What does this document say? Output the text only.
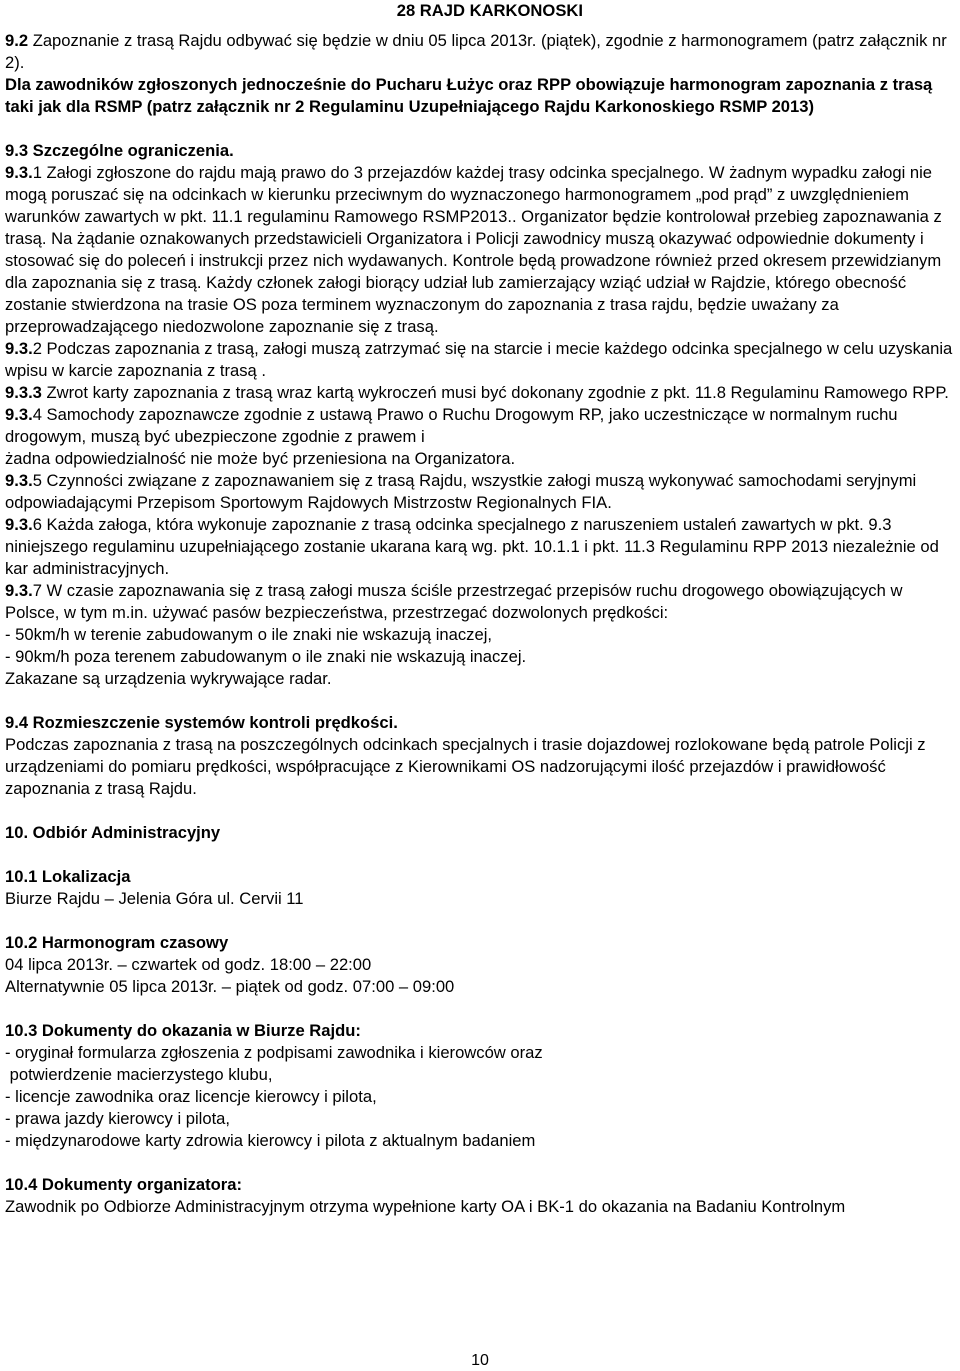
28 RAJD KARKONOSKI

9.2 Zapoznanie z trasą Rajdu odbywać się będzie w dniu 05 lipca 2013r. (piątek), zgodnie z harmonogramem (patrz załącznik nr 2).

Dla zawodników zgłoszonych jednocześnie do Pucharu Łużyc oraz RPP obowiązuje harmonogram zapoznania z trasą taki jak dla RSMP (patrz załącznik nr 2 Regulaminu Uzupełniającego Rajdu Karkonoskiego RSMP 2013)

9.3 Szczególne ograniczenia.

9.3.1 Załogi zgłoszone do rajdu mają prawo do 3 przejazdów każdej trasy odcinka specjalnego. W żadnym wypadku załogi nie mogą poruszać się na odcinkach w kierunku przeciwnym do wyznaczonego harmonogramem „pod prąd” z uwzględnieniem warunków zawartych w pkt. 11.1 regulaminu Ramowego RSMP2013.. Organizator będzie kontrolował przebieg zapoznawania z trasą. Na żądanie oznakowanych przedstawicieli Organizatora i Policji zawodnicy muszą okazywać odpowiednie dokumenty i stosować się do poleceń i instrukcji przez nich wydawanych. Kontrole będą prowadzone również przed okresem przewidzianym dla zapoznania się z trasą. Każdy członek załogi biorący udział lub zamierzający wziąć udział w Rajdzie, którego obecność zostanie stwierdzona na trasie OS poza terminem wyznaczonym do zapoznania z trasa rajdu, będzie uważany za przeprowadzającego niedozwolone zapoznanie się z trasą.

9.3.2 Podczas zapoznania z trasą, załogi muszą zatrzymać się na starcie i mecie każdego odcinka specjalnego w celu uzyskania wpisu w karcie zapoznania z trasą .

9.3.3 Zwrot karty zapoznania z trasą wraz kartą wykroczeń musi być dokonany zgodnie z pkt. 11.8 Regulaminu Ramowego RPP.

9.3.4 Samochody zapoznawcze zgodnie z ustawą Prawo o Ruchu Drogowym RP, jako uczestniczące w normalnym ruchu drogowym, muszą być ubezpieczone zgodnie z prawem i

żadna odpowiedzialność nie może być przeniesiona na Organizatora.

9.3.5 Czynności związane z zapoznawaniem się z trasą Rajdu, wszystkie załogi muszą wykonywać samochodami seryjnymi odpowiadającymi Przepisom Sportowym Rajdowych Mistrzostw Regionalnych FIA.

9.3.6 Każda załoga, która wykonuje zapoznanie z trasą odcinka specjalnego z naruszeniem ustaleń zawartych w pkt. 9.3 niniejszego regulaminu uzupełniającego zostanie ukarana karą wg. pkt. 10.1.1 i pkt. 11.3 Regulaminu RPP 2013 niezależnie od kar administracyjnych.

9.3.7 W czasie zapoznawania się z trasą załogi musza ściśle przestrzegać przepisów ruchu drogowego obowiązujących w Polsce, w tym m.in. używać pasów bezpieczeństwa, przestrzegać dozwolonych prędkości:

- 50km/h w terenie zabudowanym o ile znaki nie wskazują inaczej,

- 90km/h poza terenem zabudowanym o ile znaki nie wskazują inaczej.

Zakazane są urządzenia wykrywające radar.

9.4 Rozmieszczenie systemów kontroli prędkości.

Podczas zapoznania z trasą na poszczególnych odcinkach specjalnych i trasie dojazdowej rozlokowane będą patrole Policji z urządzeniami do pomiaru prędkości, współpracujące z Kierownikami OS nadzorującymi ilość przejazdów i prawidłowość zapoznania z trasą Rajdu.

10. Odbiór Administracyjny

10.1 Lokalizacja

Biurze Rajdu – Jelenia Góra ul. Cervii 11

10.2 Harmonogram czasowy

04 lipca 2013r. – czwartek od godz. 18:00 – 22:00

Alternatywnie 05 lipca 2013r. – piątek od godz. 07:00 – 09:00

10.3 Dokumenty do okazania w Biurze Rajdu:

- oryginał formularza zgłoszenia z podpisami zawodnika i kierowców oraz

potwierdzenie macierzystego klubu,

- licencje zawodnika oraz licencje kierowcy i pilota,

- prawa jazdy kierowcy i pilota,

- międzynarodowe karty zdrowia kierowcy i pilota z aktualnym badaniem

10.4 Dokumenty organizatora:

Zawodnik po Odbiorze Administracyjnym otrzyma wypełnione karty OA i BK-1 do okazania na Badaniu Kontrolnym

10
